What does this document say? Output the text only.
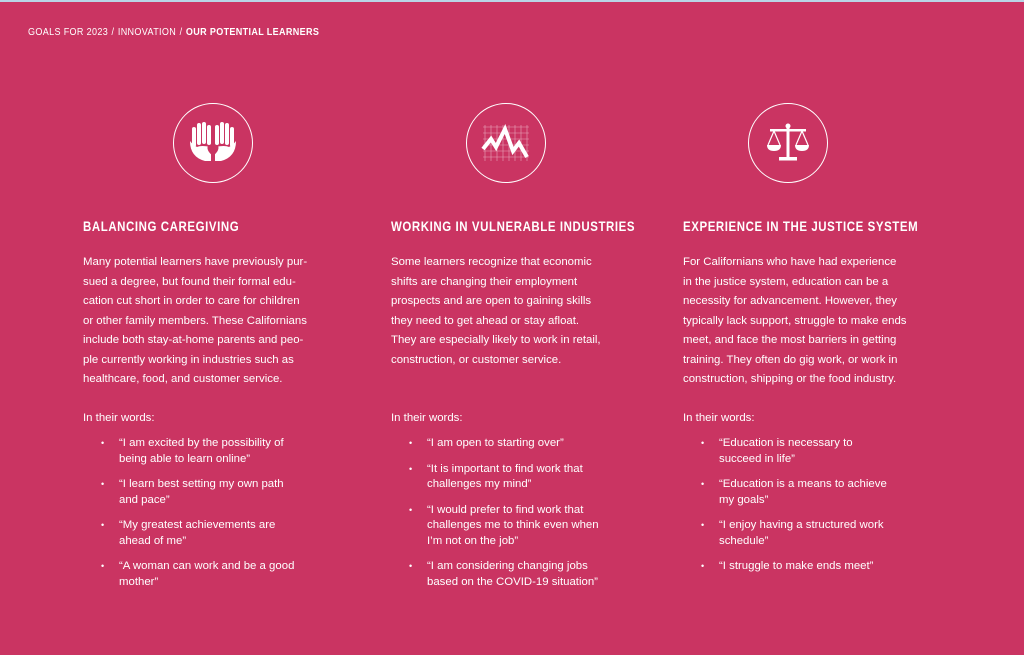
GOALS FOR 2023 / INNOVATION / OUR POTENTIAL LEARNERS
BALANCING CAREGIVING
Many potential learners have previously pur-
sued a degree, but found their formal edu-
cation cut short in order to care for children
or other family members. These Californians
include both stay-at-home parents and peo-
ple currently working in industries such as
healthcare, food, and customer service.
In their words:
• “I am excited by the possibility of
being able to learn online”
• “I learn best setting my own path
and pace”
• “My greatest achievements are
ahead of me”
• “A woman can work and be a good
mother”
WORKING IN VULNERABLE INDUSTRIES
Some learners recognize that economic
shifts are changing their employment
prospects and are open to gaining skills
they need to get ahead or stay afloat.
They are especially likely to work in retail,
construction, or customer service.
In their words:
• “I am open to starting over”
• “It is important to find work that
challenges my mind”
• “I would prefer to find work that
challenges me to think even when
I’m not on the job”
• “I am considering changing jobs
based on the COVID-19 situation”
EXPERIENCE IN THE JUSTICE SYSTEM
For Californians who have had experience
in the justice system, education can be a
necessity for advancement. However, they
typically lack support, struggle to make ends
meet, and face the most barriers in getting
training. They often do gig work, or work in
construction, shipping or the food industry.
In their words:
• “Education is necessary to
succeed in life”
• “Education is a means to achieve
my goals”
• “I enjoy having a structured work
schedule”
• “I struggle to make ends meet”
